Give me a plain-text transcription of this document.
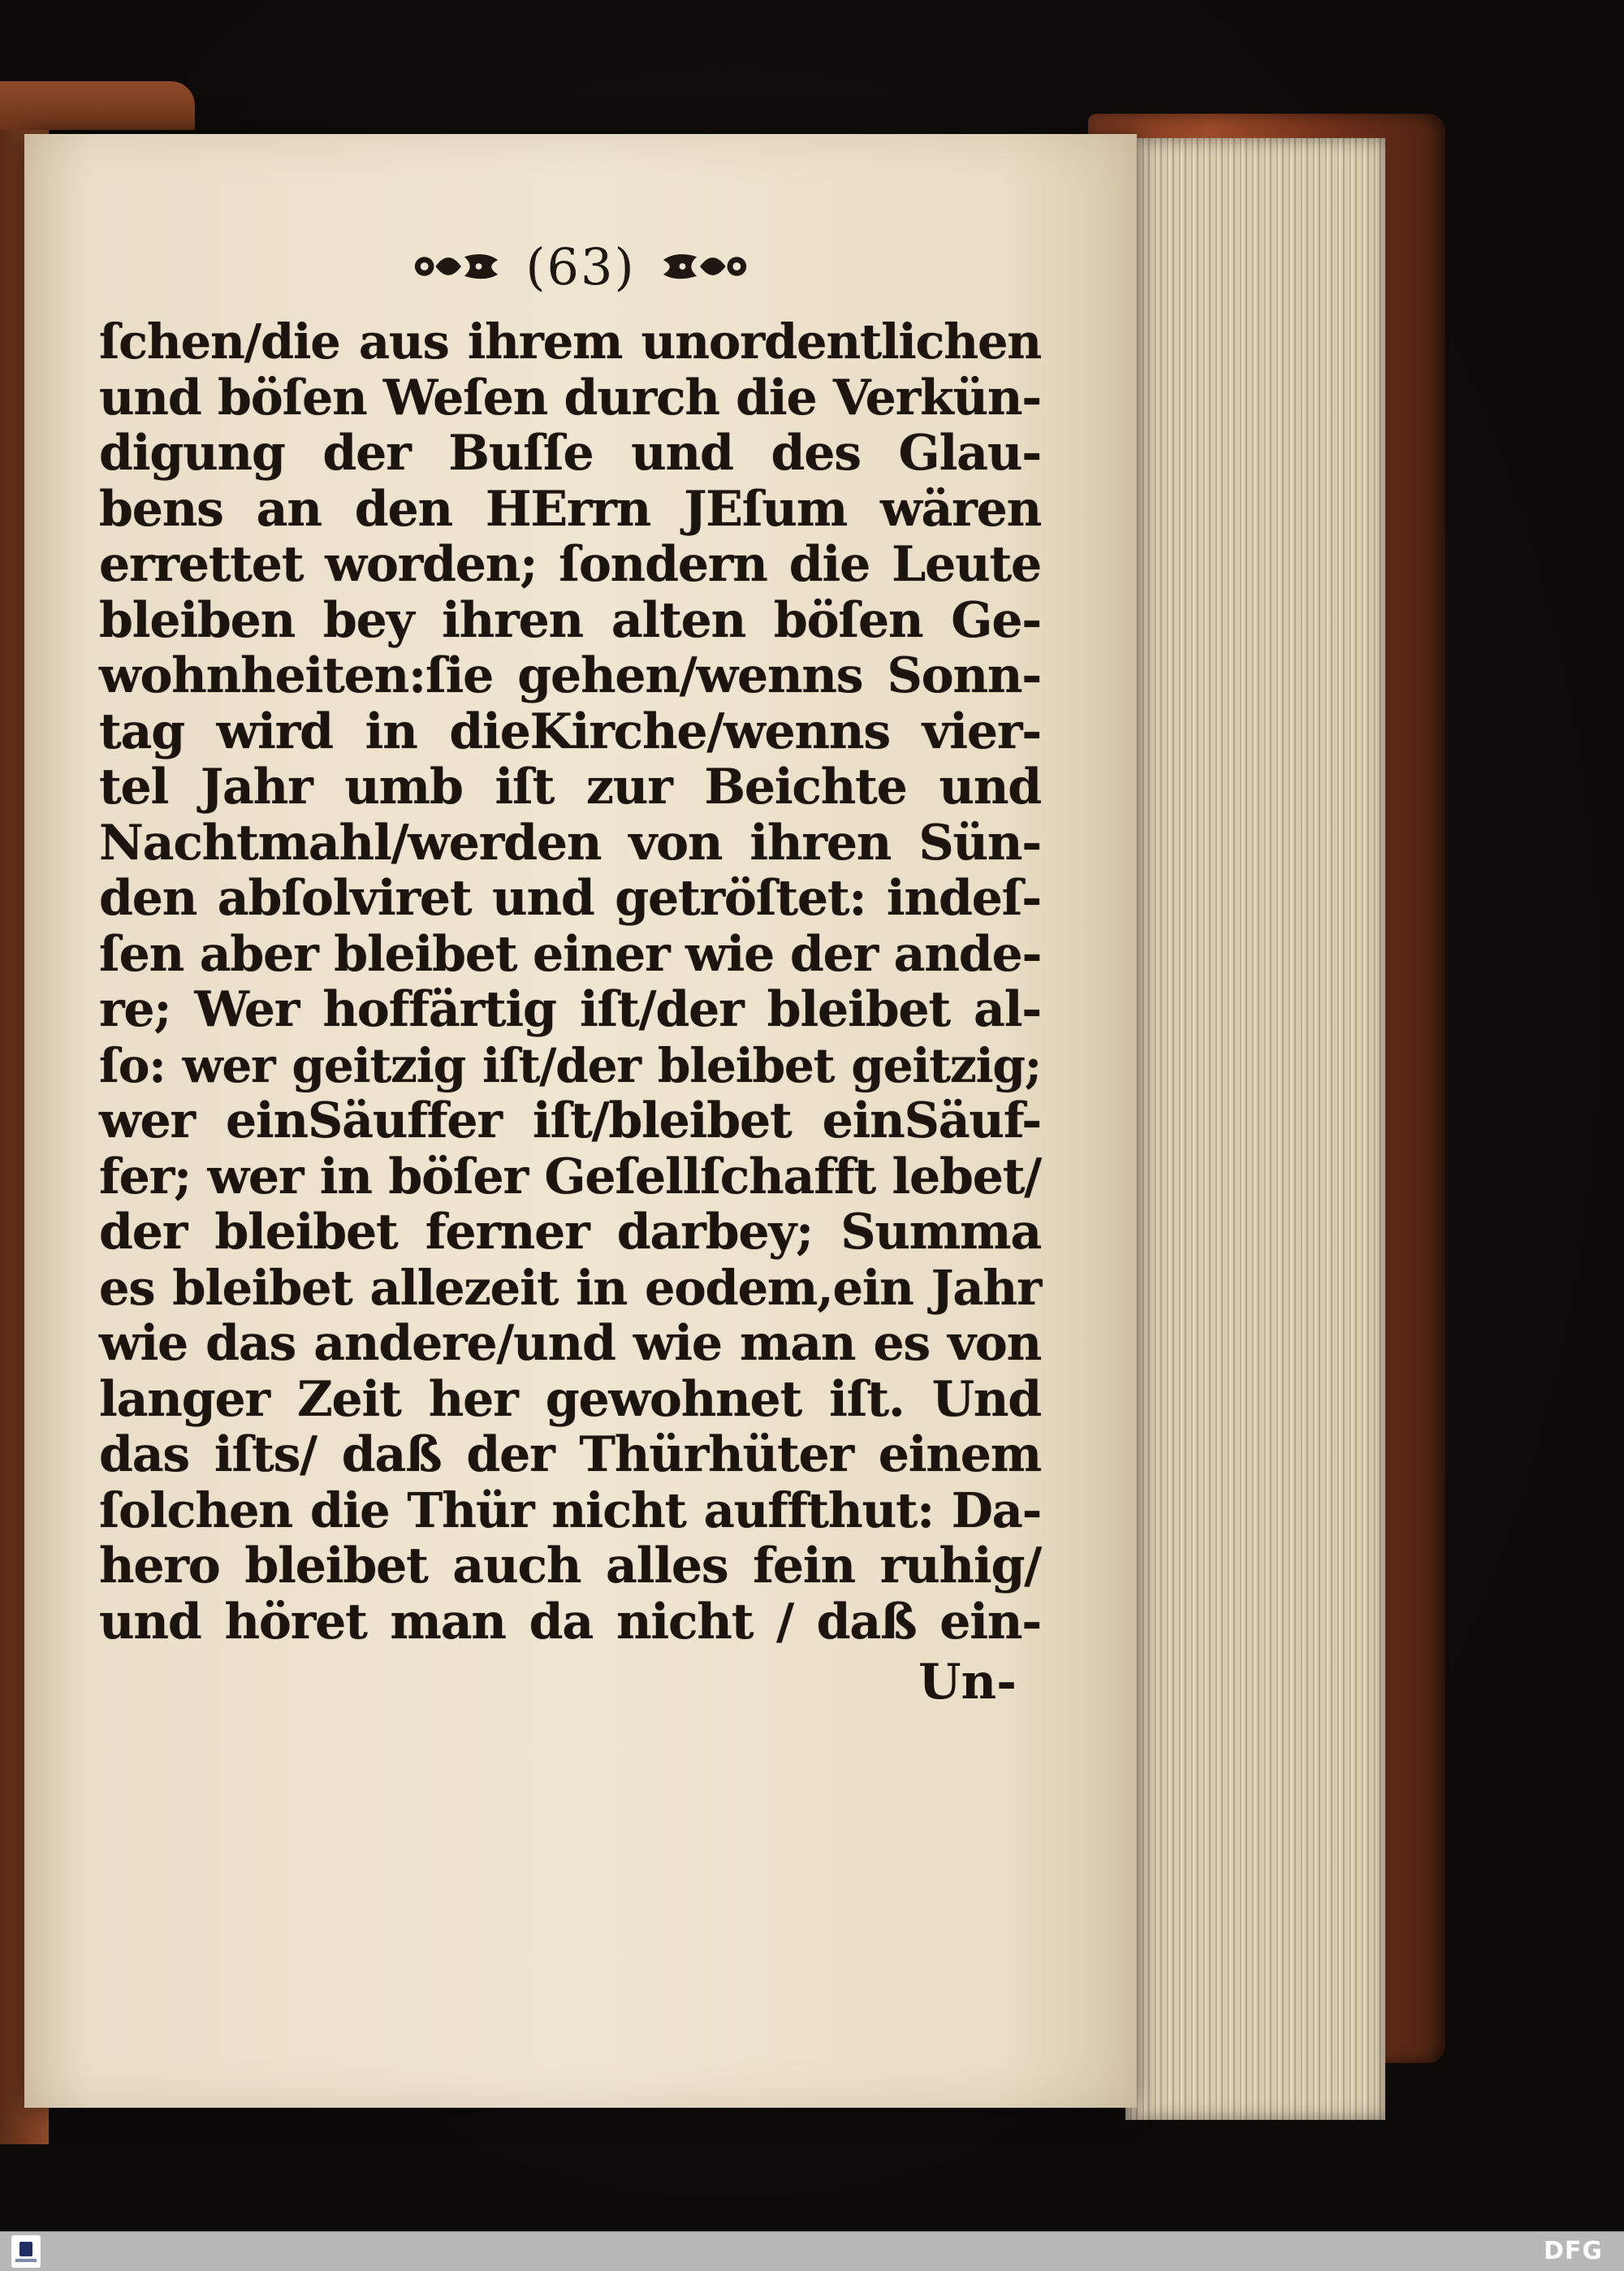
(63)
ſchen/die aus ihrem unordentlichen
und böſen Weſen durch die Verkün-
digung der Buſſe und des Glau-
bens an den HErrn JEſum wären
errettet worden; ſondern die Leute
bleiben bey ihren alten böſen Ge-
wohnheiten:ſie gehen/wenns Sonn-
tag wird in dieKirche/wenns vier-
tel Jahr umb iſt zur Beichte und
Nachtmahl/werden von ihren Sün-
den abſolviret und getröſtet: indeſ-
ſen aber bleibet einer wie der ande-
re; Wer hoffärtig iſt/der bleibet al-
ſo: wer geitzig iſt/der bleibet geitzig;
wer einSäuffer iſt/bleibet einSäuf-
fer; wer in böſer Geſellſchafft lebet/
der bleibet ferner darbey; Summa
es bleibet allezeit in eodem,ein Jahr
wie das andere/und wie man es von
langer Zeit her gewohnet iſt. Und
das iſts/ daß der Thürhüter einem
ſolchen die Thür nicht auffthut: Da-
hero bleibet auch alles fein ruhig/
und höret man da nicht / daß ein-
Un-
DFG
